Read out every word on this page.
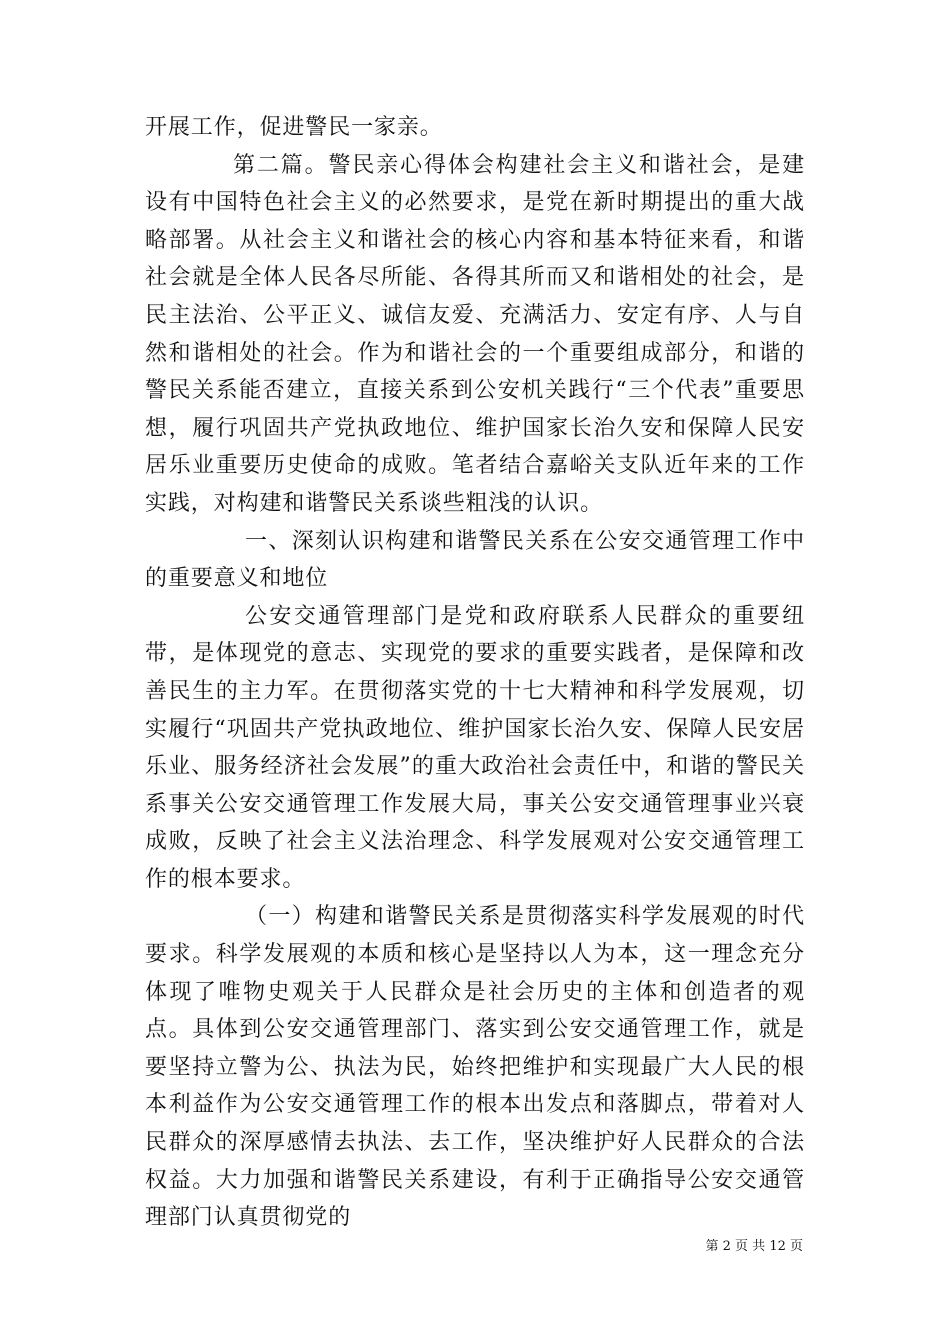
开展工作，促进警民一家亲。

第二篇。警民亲心得体会构建社会主义和谐社会，是建设有中国特色社会主义的必然要求，是党在新时期提出的重大战略部署。从社会主义和谐社会的核心内容和基本特征来看，和谐社会就是全体人民各尽所能、各得其所而又和谐相处的社会，是民主法治、公平正义、诚信友爱、充满活力、安定有序、人与自然和谐相处的社会。作为和谐社会的一个重要组成部分，和谐的警民关系能否建立，直接关系到公安机关践行“三个代表”重要思想，履行巩固共产党执政地位、维护国家长治久安和保障人民安居乐业重要历史使命的成败。笔者结合嘉峪关支队近年来的工作实践，对构建和谐警民关系谈些粗浅的认识。

一、深刻认识构建和谐警民关系在公安交通管理工作中的重要意义和地位

公安交通管理部门是党和政府联系人民群众的重要纽带，是体现党的意志、实现党的要求的重要实践者，是保障和改善民生的主力军。在贯彻落实党的十七大精神和科学发展观，切实履行“巩固共产党执政地位、维护国家长治久安、保障人民安居乐业、服务经济社会发展”的重大政治社会责任中，和谐的警民关系事关公安交通管理工作发展大局，事关公安交通管理事业兴衰成败，反映了社会主义法治理念、科学发展观对公安交通管理工作的根本要求。

（一）构建和谐警民关系是贯彻落实科学发展观的时代要求。科学发展观的本质和核心是坚持以人为本，这一理念充分体现了唯物史观关于人民群众是社会历史的主体和创造者的观点。具体到公安交通管理部门、落实到公安交通管理工作，就是要坚持立警为公、执法为民，始终把维护和实现最广大人民的根本利益作为公安交通管理工作的根本出发点和落脚点，带着对人民群众的深厚感情去执法、去工作，坚决维护好人民群众的合法权益。大力加强和谐警民关系建设，有利于正确指导公安交通管理部门认真贯彻党的

第 2 页 共 12 页
